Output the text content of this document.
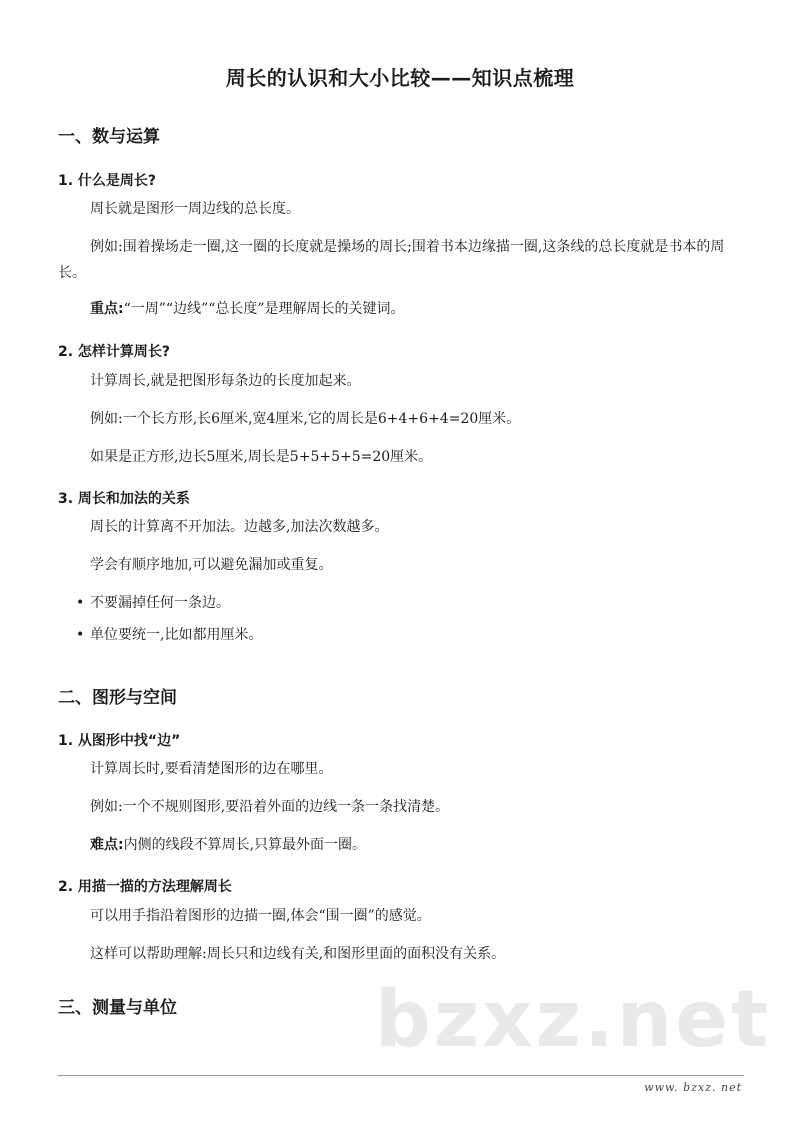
周长的认识和大小比较——知识点梳理
一、数与运算
1. 什么是周长?
周长就是图形一周边线的总长度。
例如:围着操场走一圈,这一圈的长度就是操场的周长;围着书本边缘描一圈,这条线的总长度就是书本的周长。
重点:“一周”“边线”“总长度”是理解周长的关键词。
2. 怎样计算周长?
计算周长,就是把图形每条边的长度加起来。
例如:一个长方形,长6厘米,宽4厘米,它的周长是6+4+6+4=20厘米。
如果是正方形,边长5厘米,周长是5+5+5+5=20厘米。
3. 周长和加法的关系
周长的计算离不开加法。边越多,加法次数越多。
学会有顺序地加,可以避免漏加或重复。
• 不要漏掉任何一条边。
• 单位要统一,比如都用厘米。
二、图形与空间
1. 从图形中找“边”
计算周长时,要看清楚图形的边在哪里。
例如:一个不规则图形,要沿着外面的边线一条一条找清楚。
难点:内侧的线段不算周长,只算最外面一圈。
2. 用描一描的方法理解周长
可以用手指沿着图形的边描一圈,体会“围一圈”的感觉。
这样可以帮助理解:周长只和边线有关,和图形里面的面积没有关系。
三、测量与单位	bzxz.net
www. bzxz. net
